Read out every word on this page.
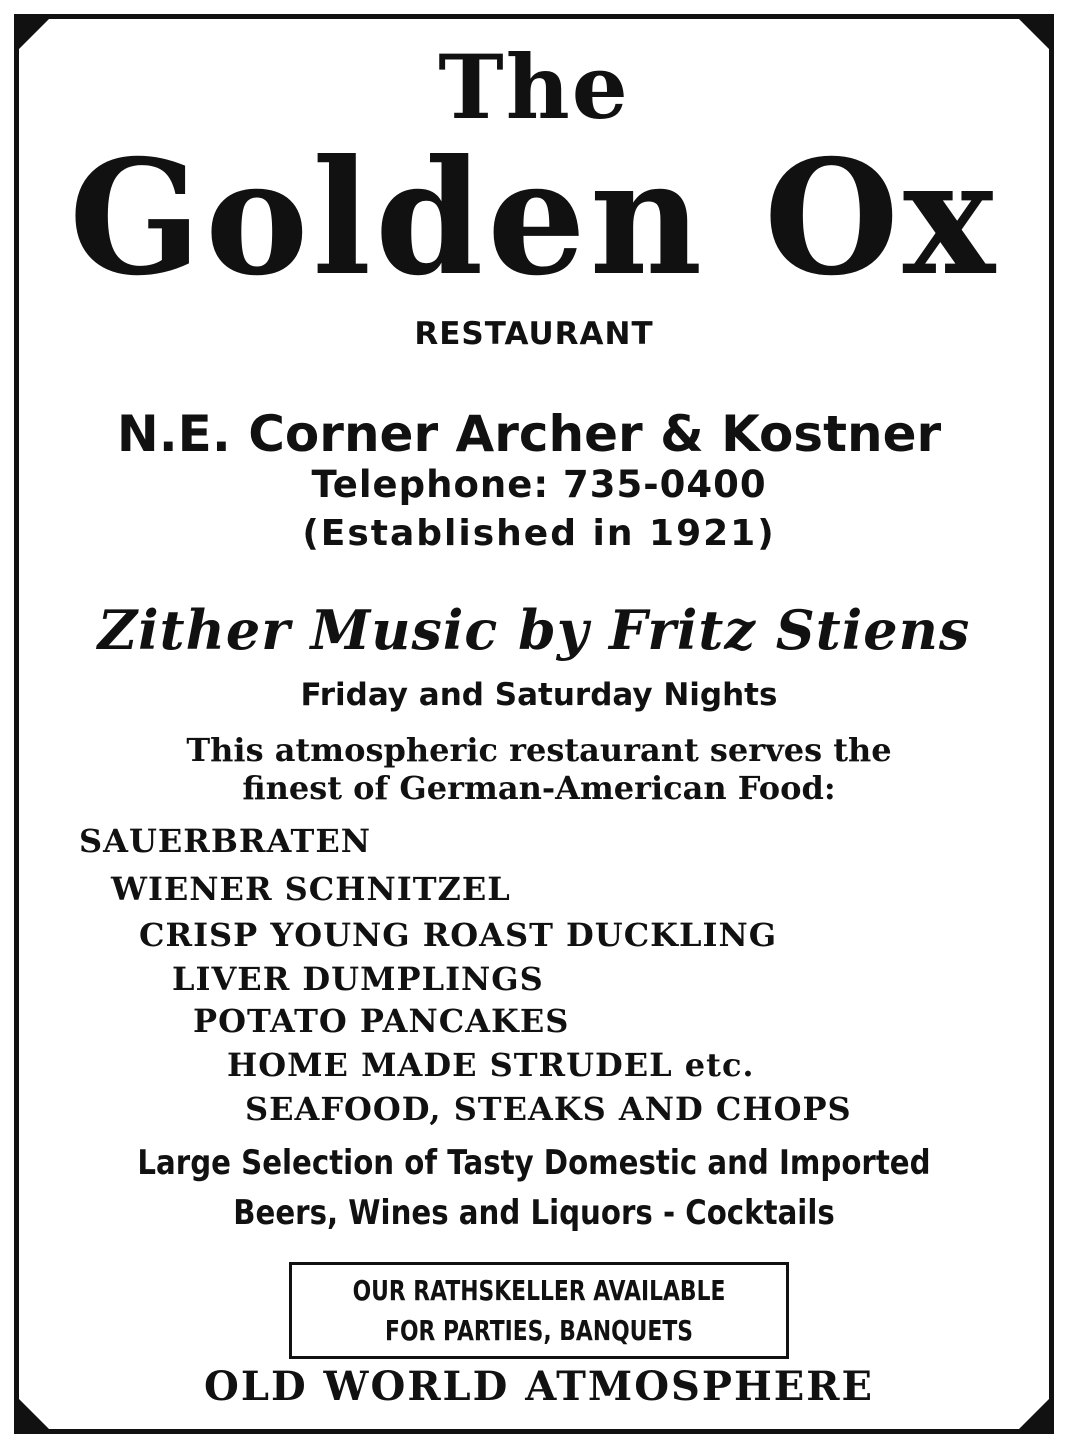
The
Golden Ox
RESTAURANT
N.E. Corner Archer & Kostner
Telephone: 735-0400
(Established in 1921)
Zither Music by Fritz Stiens
Friday and Saturday Nights
This atmospheric restaurant serves the
finest of German-American Food:
SAUERBRATEN
WIENER SCHNITZEL
CRISP YOUNG ROAST DUCKLING
LIVER DUMPLINGS
POTATO PANCAKES
HOME MADE STRUDEL etc.
SEAFOOD, STEAKS AND CHOPS
Large Selection of Tasty Domestic and Imported
Beers, Wines and Liquors - Cocktails
OUR RATHSKELLER AVAILABLE
FOR PARTIES, BANQUETS
OLD WORLD ATMOSPHERE
